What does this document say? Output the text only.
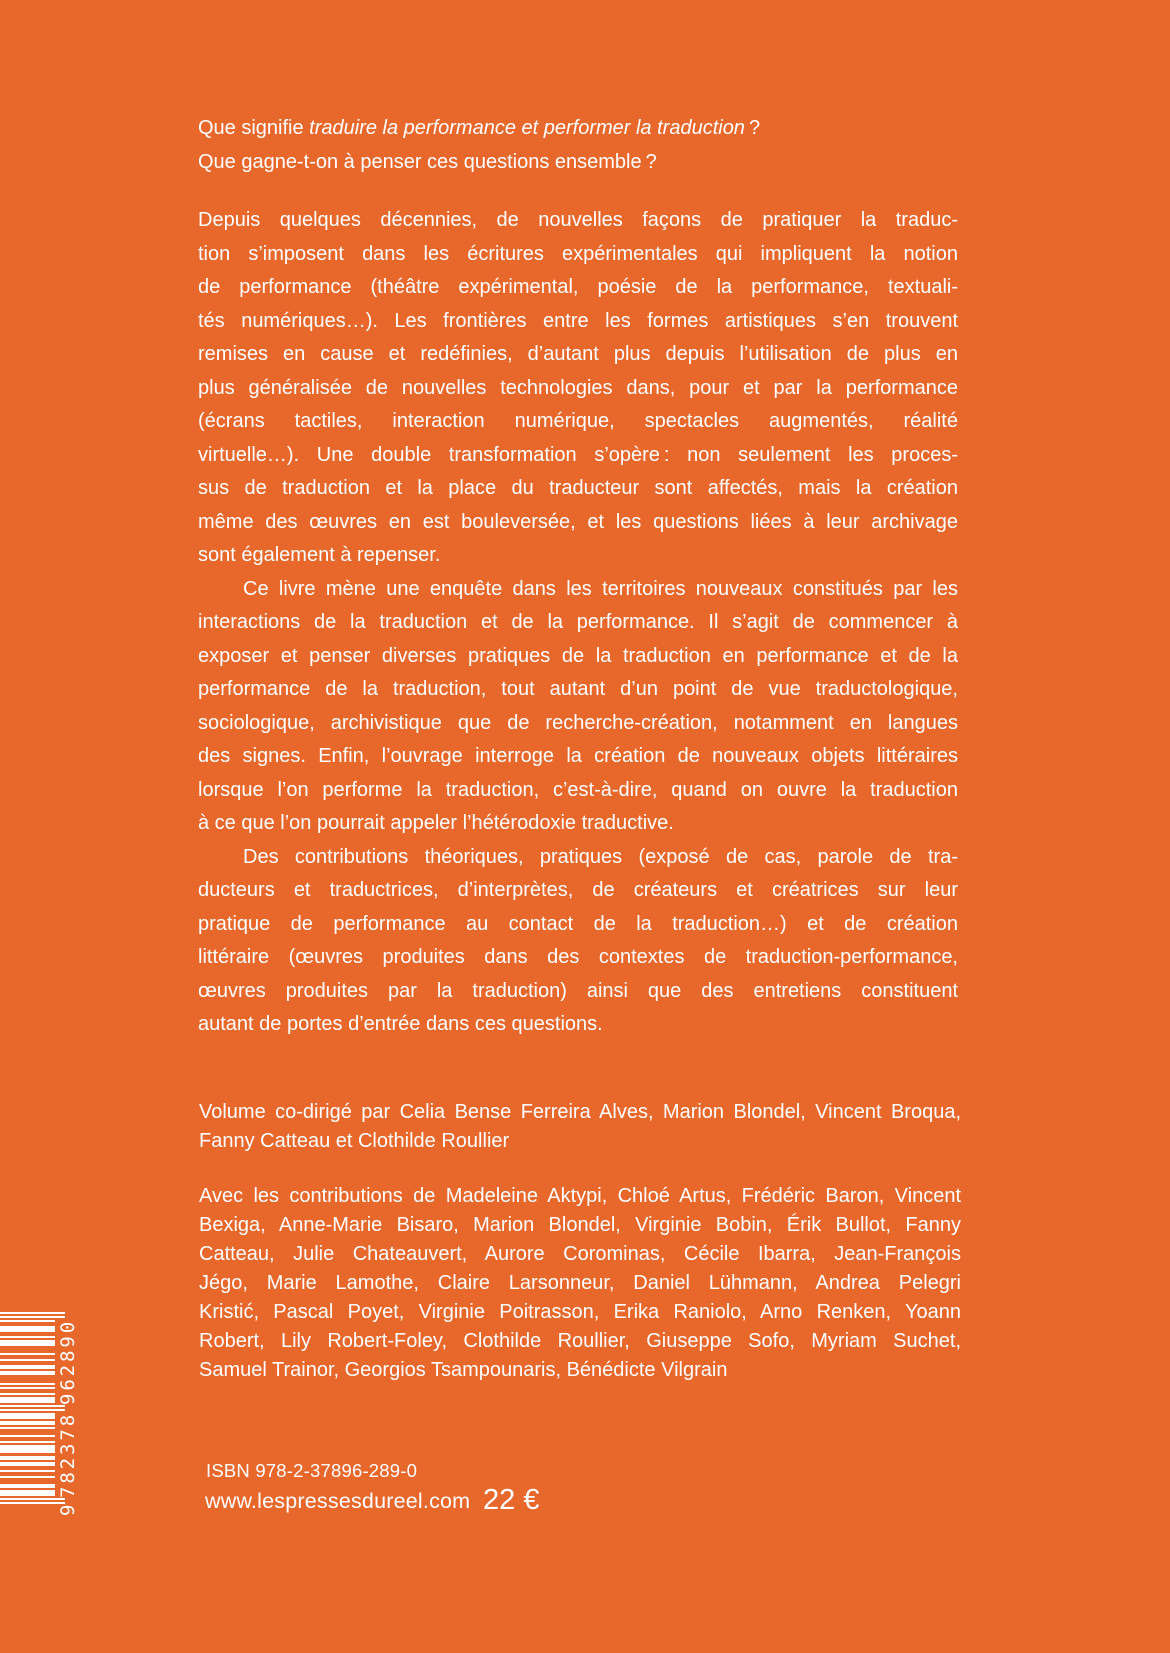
Que signifie traduire la performance et performer la traduction ?
Que gagne-t-on à penser ces questions ensemble ?
Depuis quelques décennies, de nouvelles façons de pratiquer la traduc-
tion s’imposent dans les écritures expérimentales qui impliquent la notion
de performance (théâtre expérimental, poésie de la performance, textuali-
tés numériques…). Les frontières entre les formes artistiques s’en trouvent
remises en cause et redéfinies, d’autant plus depuis l’utilisation de plus en
plus généralisée de nouvelles technologies dans, pour et par la performance
(écrans tactiles, interaction numérique, spectacles augmentés, réalité
virtuelle…). Une double transformation s’opère : non seulement les proces-
sus de traduction et la place du traducteur sont affectés, mais la création
même des œuvres en est bouleversée, et les questions liées à leur archivage
sont également à repenser.
Ce livre mène une enquête dans les territoires nouveaux constitués par les
interactions de la traduction et de la performance. Il s’agit de commencer à
exposer et penser diverses pratiques de la traduction en performance et de la
performance de la traduction, tout autant d’un point de vue traductologique,
sociologique, archivistique que de recherche-création, notamment en langues
des signes. Enfin, l’ouvrage interroge la création de nouveaux objets littéraires
lorsque l’on performe la traduction, c’est-à-dire, quand on ouvre la traduction
à ce que l’on pourrait appeler l’hétérodoxie traductive.
Des contributions théoriques, pratiques (exposé de cas, parole de tra-
ducteurs et traductrices, d’interprètes, de créateurs et créatrices sur leur
pratique de performance au contact de la traduction…) et de création
littéraire (œuvres produites dans des contextes de traduction-performance,
œuvres produites par la traduction) ainsi que des entretiens constituent
autant de portes d’entrée dans ces questions.
Volume co-dirigé par Celia Bense Ferreira Alves, Marion Blondel, Vincent Broqua,
Fanny Catteau et Clothilde Roullier
Avec les contributions de Madeleine Aktypi, Chloé Artus, Frédéric Baron, Vincent
Bexiga, Anne-Marie Bisaro, Marion Blondel, Virginie Bobin, Érik Bullot, Fanny
Catteau, Julie Chateauvert, Aurore Corominas, Cécile Ibarra, Jean-François
Jégo, Marie Lamothe, Claire Larsonneur, Daniel Lühmann, Andrea Pelegri
Kristić, Pascal Poyet, Virginie Poitrasson, Erika Raniolo, Arno Renken, Yoann
Robert, Lily Robert-Foley, Clothilde Roullier, Giuseppe Sofo, Myriam Suchet,
Samuel Trainor, Georgios Tsampounaris, Bénédicte Vilgrain
ISBN 978-2-37896-289-0
www.lespressesdureel.com 22 €
9
782378
962890
